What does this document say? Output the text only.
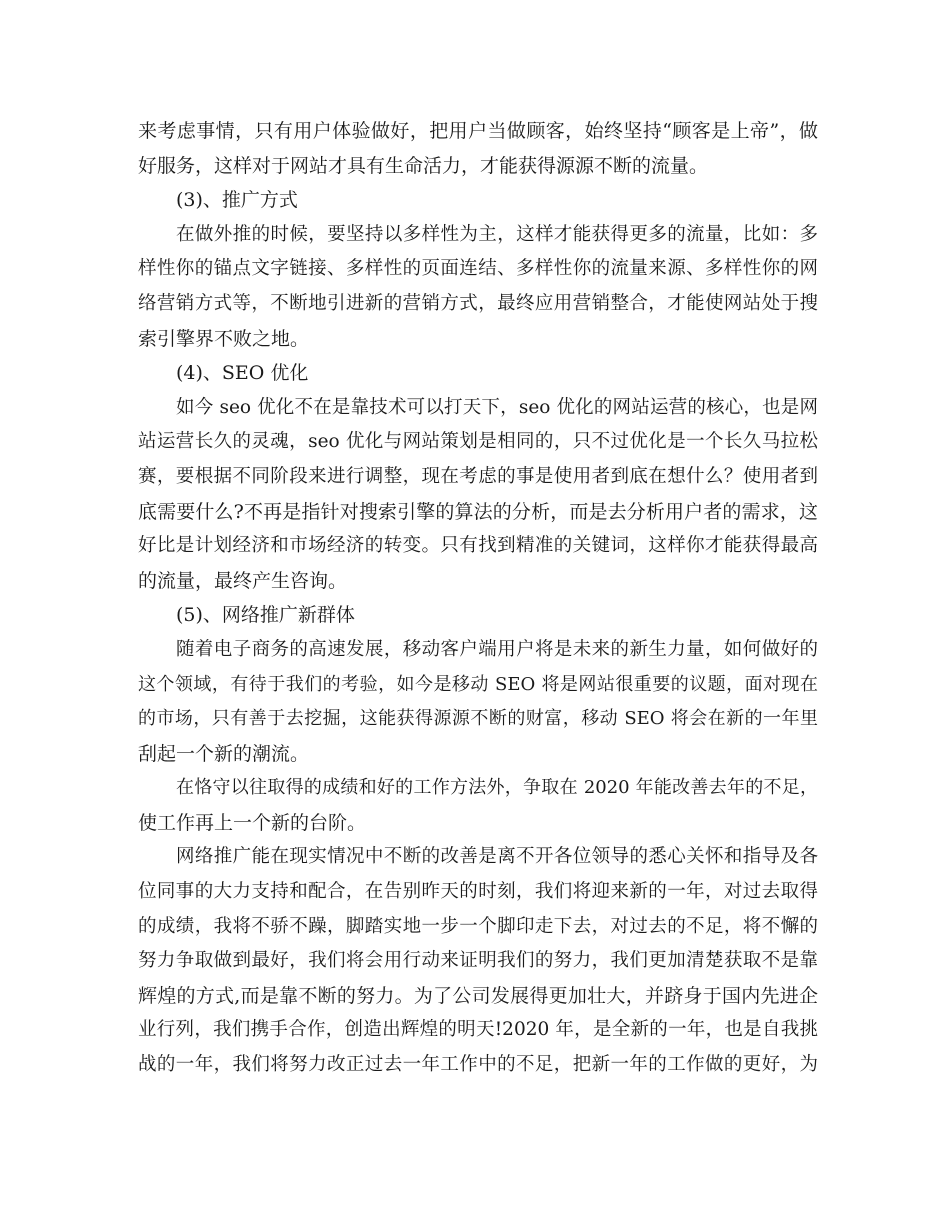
来考虑事情，只有用户体验做好，把用户当做顾客，始终坚持“顾客是上帝”，做
好服务，这样对于网站才具有生命活力，才能获得源源不断的流量。
(3)、推广方式
在做外推的时候，要坚持以多样性为主，这样才能获得更多的流量，比如：多
样性你的锚点文字链接、多样性的页面连结、多样性你的流量来源、多样性你的网
络营销方式等，不断地引进新的营销方式，最终应用营销整合，才能使网站处于搜
索引擎界不败之地。
(4)、SEO 优化
如今 seo 优化不在是靠技术可以打天下，seo 优化的网站运营的核心，也是网
站运营长久的灵魂，seo 优化与网站策划是相同的，只不过优化是一个长久马拉松
赛，要根据不同阶段来进行调整，现在考虑的事是使用者到底在想什么？使用者到
底需要什么?不再是指针对搜索引擎的算法的分析，而是去分析用户者的需求，这
好比是计划经济和市场经济的转变。只有找到精准的关键词，这样你才能获得最高
的流量，最终产生咨询。
(5)、网络推广新群体
随着电子商务的高速发展，移动客户端用户将是未来的新生力量，如何做好的
这个领域，有待于我们的考验，如今是移动 SEO 将是网站很重要的议题，面对现在
的市场，只有善于去挖掘，这能获得源源不断的财富，移动 SEO 将会在新的一年里
刮起一个新的潮流。
在恪守以往取得的成绩和好的工作方法外，争取在 2020 年能改善去年的不足，
使工作再上一个新的台阶。
网络推广能在现实情况中不断的改善是离不开各位领导的悉心关怀和指导及各
位同事的大力支持和配合，在告别昨天的时刻，我们将迎来新的一年，对过去取得
的成绩，我将不骄不躁，脚踏实地一步一个脚印走下去，对过去的不足，将不懈的
努力争取做到最好，我们将会用行动来证明我们的努力，我们更加清楚获取不是靠
辉煌的方式,而是靠不断的努力。为了公司发展得更加壮大，并跻身于国内先进企
业行列，我们携手合作，创造出辉煌的明天!2020 年，是全新的一年，也是自我挑
战的一年，我们将努力改正过去一年工作中的不足，把新一年的工作做的更好，为
